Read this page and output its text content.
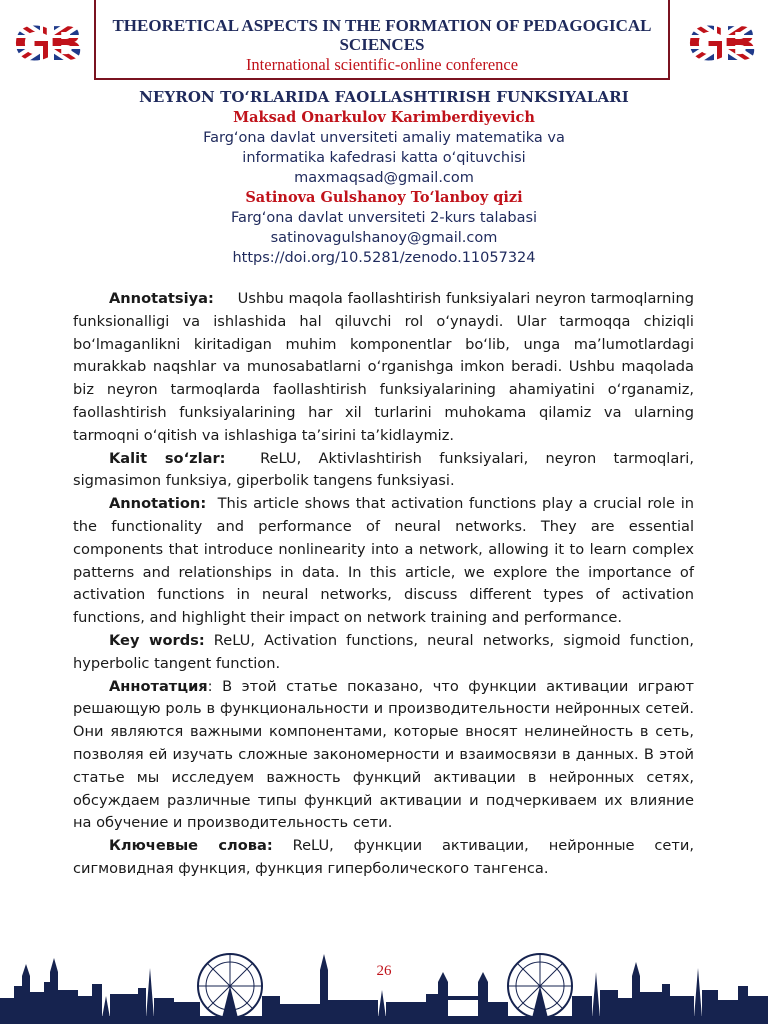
THEORETICAL ASPECTS IN THE FORMATION OF PEDAGOGICAL SCIENCES
International scientific-online conference
NEYRON TO‘RLARIDA FAOLLASHTIRISH FUNKSIYALARI
Maksad Onarkulov Karimberdiyevich
Farg‘ona davlat unversiteti amaliy matematika va
informatika kafedrasi katta o‘qituvchisi
maxmaqsad@gmail.com
Satinova Gulshanoy To‘lanboy qizi
Farg‘ona davlat unversiteti 2-kurs talabasi
satinovagulshanoy@gmail.com
https://doi.org/10.5281/zenodo.11057324

Annotatsiya: Ushbu maqola faollashtirish funksiyalari neyron tarmoqlarning funksionalligi va ishlashida hal qiluvchi rol o‘ynaydi. Ular tarmoqqa chiziqli bo‘lmaganlikni kiritadigan muhim komponentlar bo‘lib, unga ma’lumotlardagi murakkab naqshlar va munosabatlarni o‘rganishga imkon beradi. Ushbu maqolada biz neyron tarmoqlarda faollashtirish funksiyalarining ahamiyatini o‘rganamiz, faollashtirish funksiyalarining har xil turlarini muhokama qilamiz va ularning tarmoqni o‘qitish va ishlashiga ta’sirini ta’kidlaymiz.

Kalit so‘zlar: ReLU, Aktivlashtirish funksiyalari, neyron tarmoqlari, sigmasimon funksiya, giperbolik tangens funksiyasi.

Annotation: This article shows that activation functions play a crucial role in the functionality and performance of neural networks. They are essential components that introduce nonlinearity into a network, allowing it to learn complex patterns and relationships in data. In this article, we explore the importance of activation functions in neural networks, discuss different types of activation functions, and highlight their impact on network training and performance.

Key words: ReLU, Activation functions, neural networks, sigmoid function, hyperbolic tangent function.

Аннотатция: В этой статье показано, что функции активации играют решающую роль в функциональности и производительности нейронных сетей. Они являются важными компонентами, которые вносят нелинейность в сеть, позволяя ей изучать сложные закономерности и взаимосвязи в данных. В этой статье мы исследуем важность функций активации в нейронных сетях, обсуждаем различные типы функций активации и подчеркиваем их влияние на обучение и производительность сети.

Ключевые слова: ReLU, функции активации, нейронные сети, сигмовидная функция, функция гиперболического тангенса.

26
